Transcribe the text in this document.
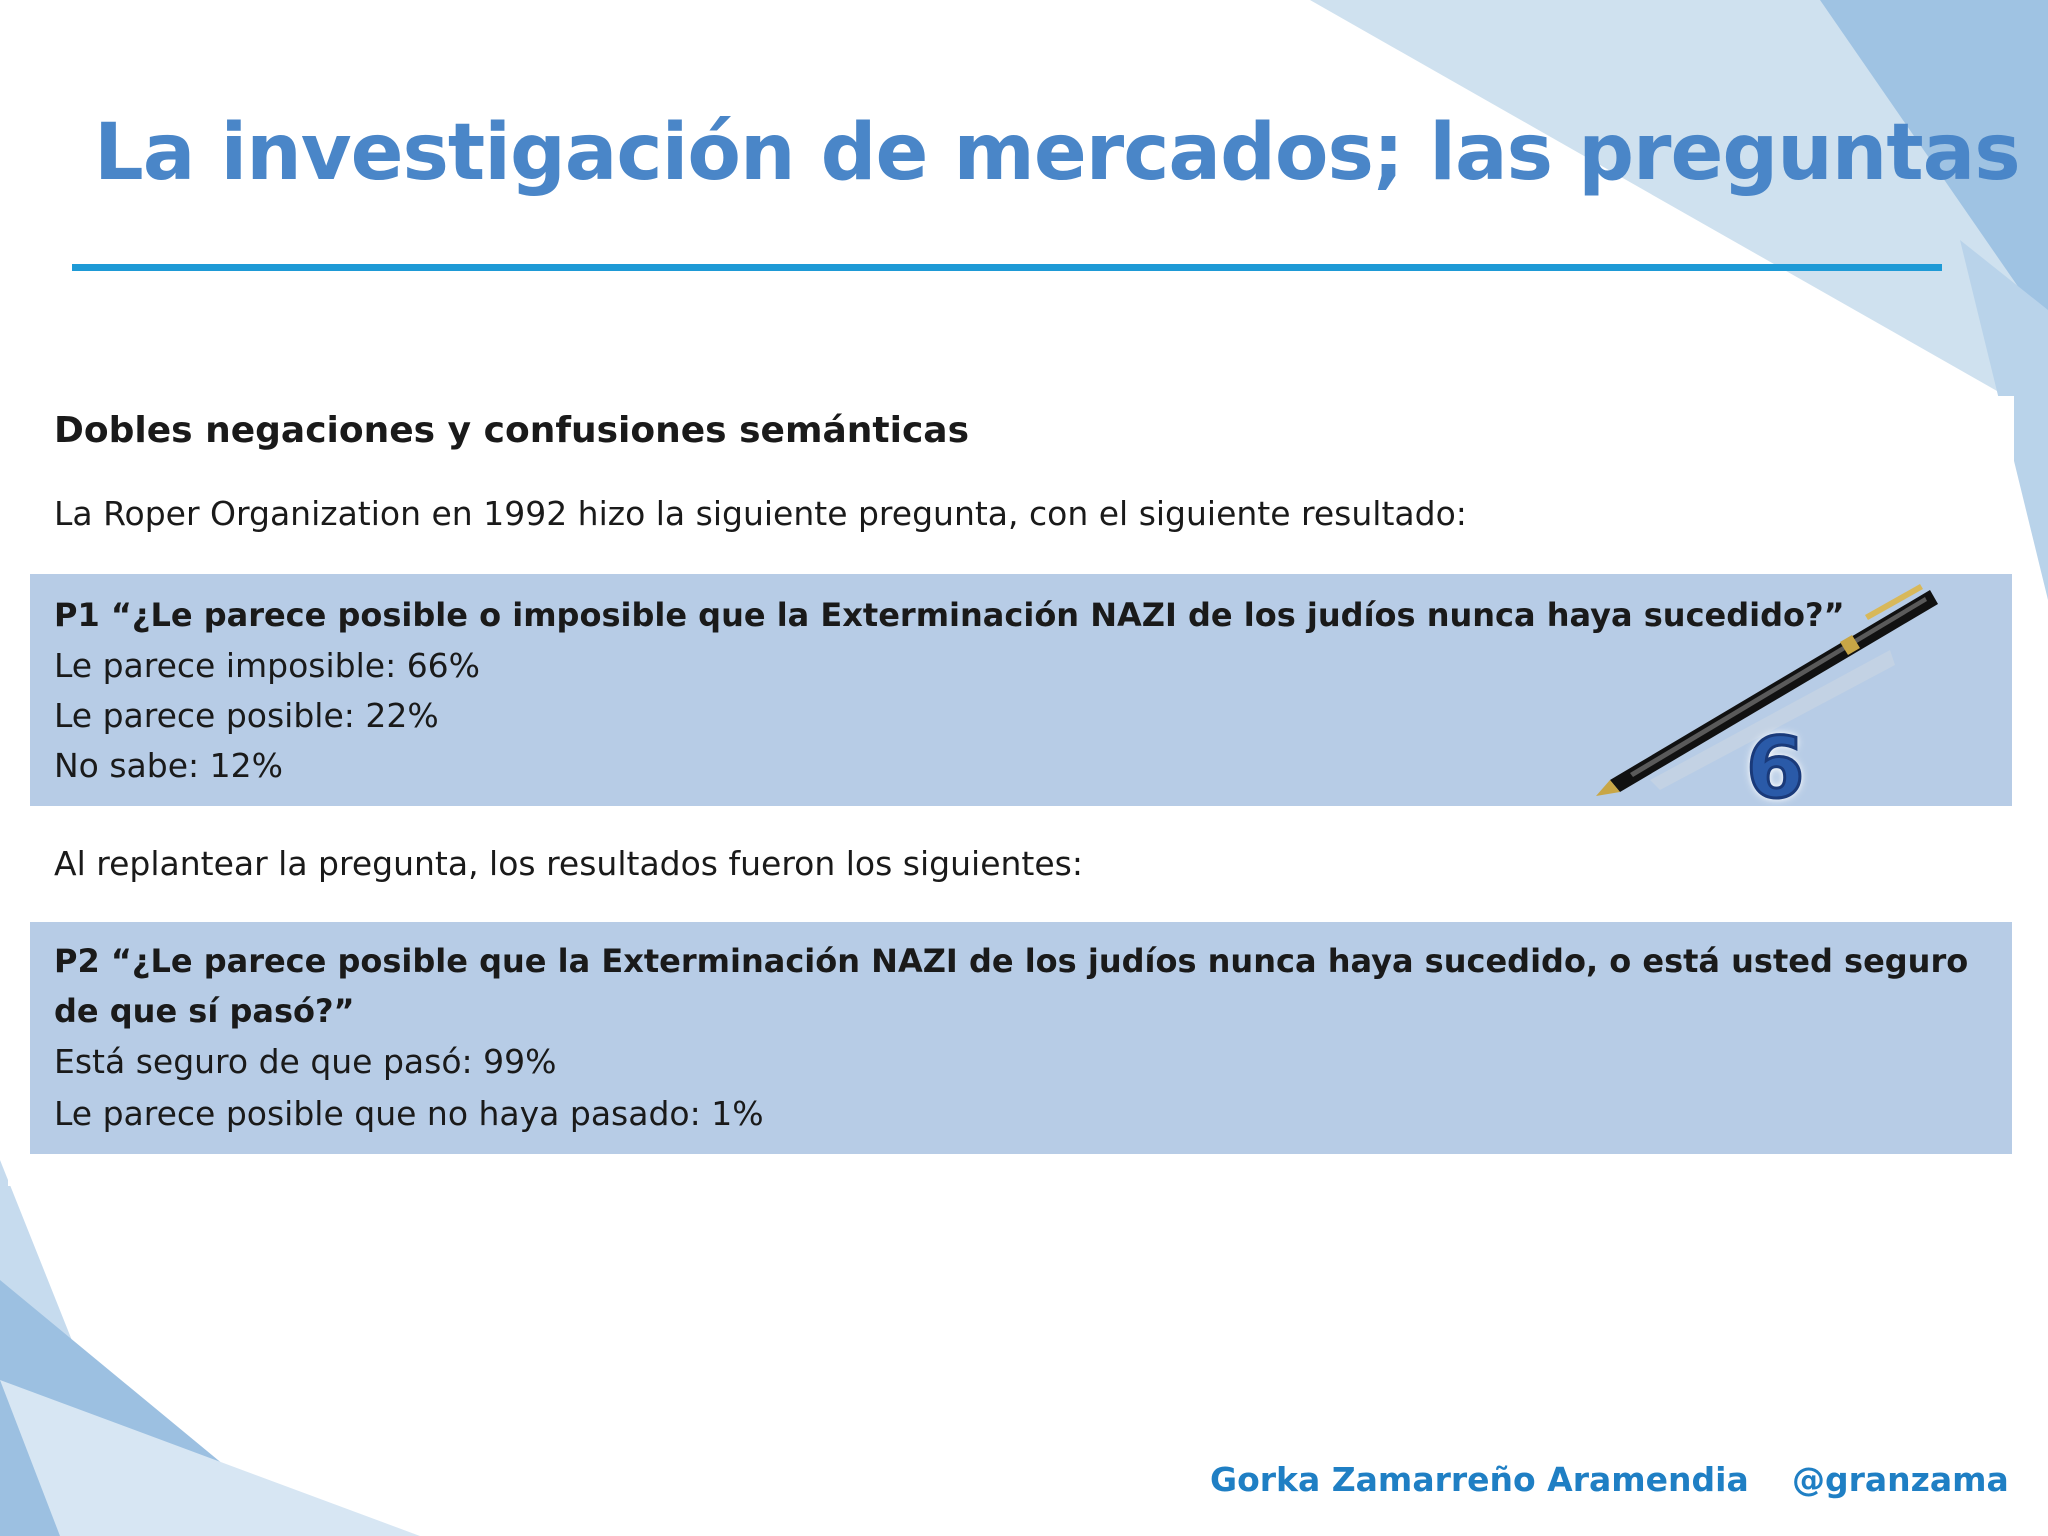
La investigación de mercados; las preguntas

Dobles negaciones y confusiones semánticas

La Roper Organization en 1992 hizo la siguiente pregunta, con el siguiente resultado:

P1 “¿Le parece posible o imposible que la Exterminación NAZI de los judíos nunca haya sucedido?”

Le parece imposible: 66%

Le parece posible: 22%

No sabe: 12%	6

Al replantear la pregunta, los resultados fueron los siguientes:

P2 “¿Le parece posible que la Exterminación NAZI de los judíos nunca haya sucedido, o está usted seguro

de que sí pasó?”

Está seguro de que pasó: 99%

Le parece posible que no haya pasado: 1%

Gorka Zamarreño Aramendia @granzama
